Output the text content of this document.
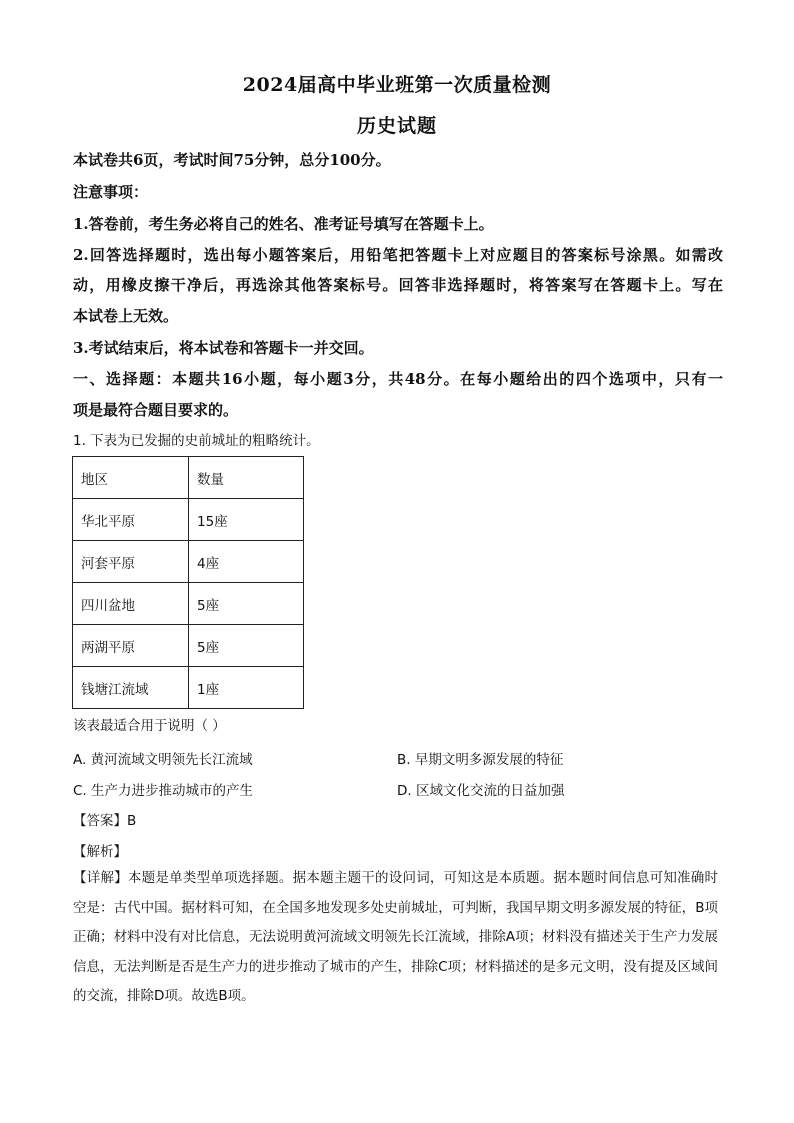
2024届高中毕业班第一次质量检测
历史试题
本试卷共6页，考试时间75分钟，总分100分。
注意事项：
1.答卷前，考生务必将自己的姓名、准考证号填写在答题卡上。
2.回答选择题时，选出每小题答案后，用铅笔把答题卡上对应题目的答案标号涂黑。如需改
动，用橡皮擦干净后，再选涂其他答案标号。回答非选择题时，将答案写在答题卡上。写在
本试卷上无效。
3.考试结束后，将本试卷和答题卡一并交回。
一、选择题：本题共16小题，每小题3分，共48分。在每小题给出的四个选项中，只有一
项是最符合题目要求的。
1. 下表为已发掘的史前城址的粗略统计。
地区	数量
华北平原	15座
河套平原	4座
四川盆地	5座
两湖平原	5座
钱塘江流域	1座
该表最适合用于说明（ ）
A. 黄河流域文明领先长江流域	B. 早期文明多源发展的特征
C. 生产力进步推动城市的产生	D. 区域文化交流的日益加强
【答案】B
【解析】
【详解】本题是单类型单项选择题。据本题主题干的设问词，可知这是本质题。据本题时间信息可知准确时空是：古代中国。据材料可知，在全国多地发现多处史前城址，可判断，我国早期文明多源发展的特征，B项正确；材料中没有对比信息，无法说明黄河流域文明领先长江流域，排除A项；材料没有描述关于生产力发展信息，无法判断是否是生产力的进步推动了城市的产生，排除C项；材料描述的是多元文明，没有提及区域间的交流，排除D项。故选B项。
